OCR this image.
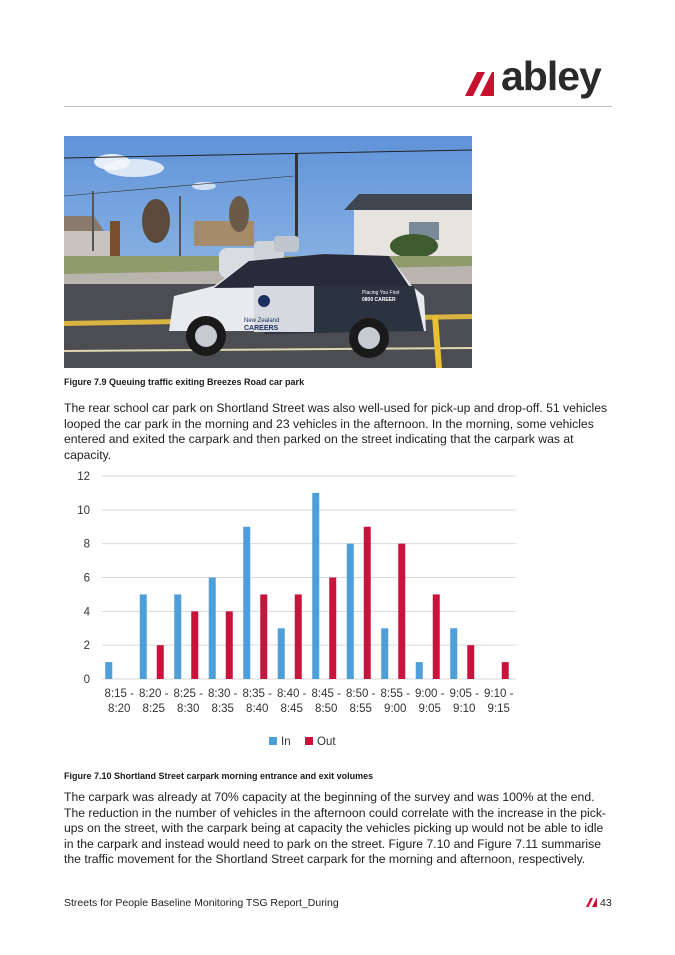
abley
New Zealand
CAREERS
Placing You First
0800 CAREER
Figure 7.9 Queuing traffic exiting Breezes Road car park
The rear school car park on Shortland Street was also well-used for pick-up and drop-off. 51 vehicles looped the car park in the morning and 23 vehicles in the afternoon. In the morning, some vehicles entered and exited the carpark and then parked on the street indicating that the carpark was at capacity.
0
2
4
6
8
10
12
8:15 -
8:20
8:20 -
8:25
8:25 -
8:30
8:30 -
8:35
8:35 -
8:40
8:40 -
8:45
8:45 -
8:50
8:50 -
8:55
8:55 -
9:00
9:00 -
9:05
9:05 -
9:10
9:10 -
9:15
In Out
Figure 7.10 Shortland Street carpark morning entrance and exit volumes
The carpark was already at 70% capacity at the beginning of the survey and was 100% at the end. The reduction in the number of vehicles in the afternoon could correlate with the increase in the pick-ups on the street, with the carpark being at capacity the vehicles picking up would not be able to idle in the carpark and instead would need to park on the street. Figure 7.10 and Figure 7.11 summarise the traffic movement for the Shortland Street carpark for the morning and afternoon, respectively.
Streets for People Baseline Monitoring TSG Report_During	43
